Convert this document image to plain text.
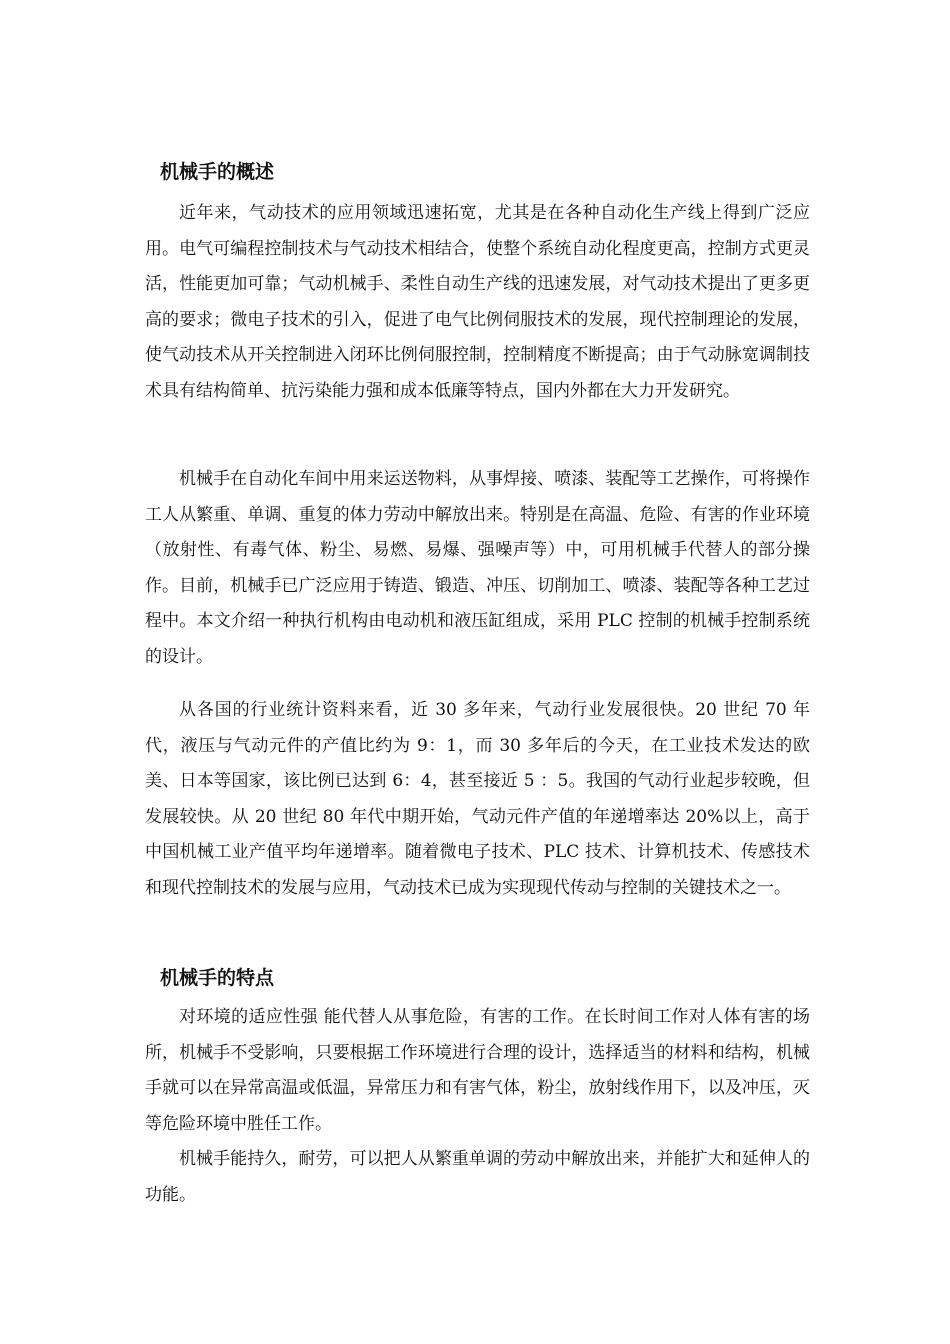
机械手的概述

近年来，气动技术的应用领域迅速拓宽，尤其是在各种自动化生产线上得到广泛应用。电气可编程控制技术与气动技术相结合，使整个系统自动化程度更高，控制方式更灵活，性能更加可靠；气动机械手、柔性自动生产线的迅速发展，对气动技术提出了更多更高的要求；微电子技术的引入，促进了电气比例伺服技术的发展，现代控制理论的发展，使气动技术从开关控制进入闭环比例伺服控制，控制精度不断提高；由于气动脉宽调制技术具有结构简单、抗污染能力强和成本低廉等特点，国内外都在大力开发研究。

机械手在自动化车间中用来运送物料，从事焊接、喷漆、装配等工艺操作，可将操作工人从繁重、单调、重复的体力劳动中解放出来。特别是在高温、危险、有害的作业环境（放射性、有毒气体、粉尘、易燃、易爆、强噪声等）中，可用机械手代替人的部分操作。目前，机械手已广泛应用于铸造、锻造、冲压、切削加工、喷漆、装配等各种工艺过程中。本文介绍一种执行机构由电动机和液压缸组成，采用 PLC 控制的机械手控制系统的设计。

从各国的行业统计资料来看，近 30 多年来，气动行业发展很快。20 世纪 70 年代，液压与气动元件的产值比约为 9：1，而 30 多年后的今天，在工业技术发达的欧美、日本等国家，该比例已达到 6：4，甚至接近 5 ：5。我国的气动行业起步较晚，但发展较快。从 20 世纪 80 年代中期开始，气动元件产值的年递增率达 20%以上，高于中国机械工业产值平均年递增率。随着微电子技术、PLC 技术、计算机技术、传感技术和现代控制技术的发展与应用，气动技术已成为实现现代传动与控制的关键技术之一。

机械手的特点

对环境的适应性强 能代替人从事危险，有害的工作。在长时间工作对人体有害的场所，机械手不受影响，只要根据工作环境进行合理的设计，选择适当的材料和结构，机械手就可以在异常高温或低温，异常压力和有害气体，粉尘，放射线作用下，以及冲压，灭等危险环境中胜任工作。

机械手能持久，耐劳，可以把人从繁重单调的劳动中解放出来，并能扩大和延伸人的功能。
